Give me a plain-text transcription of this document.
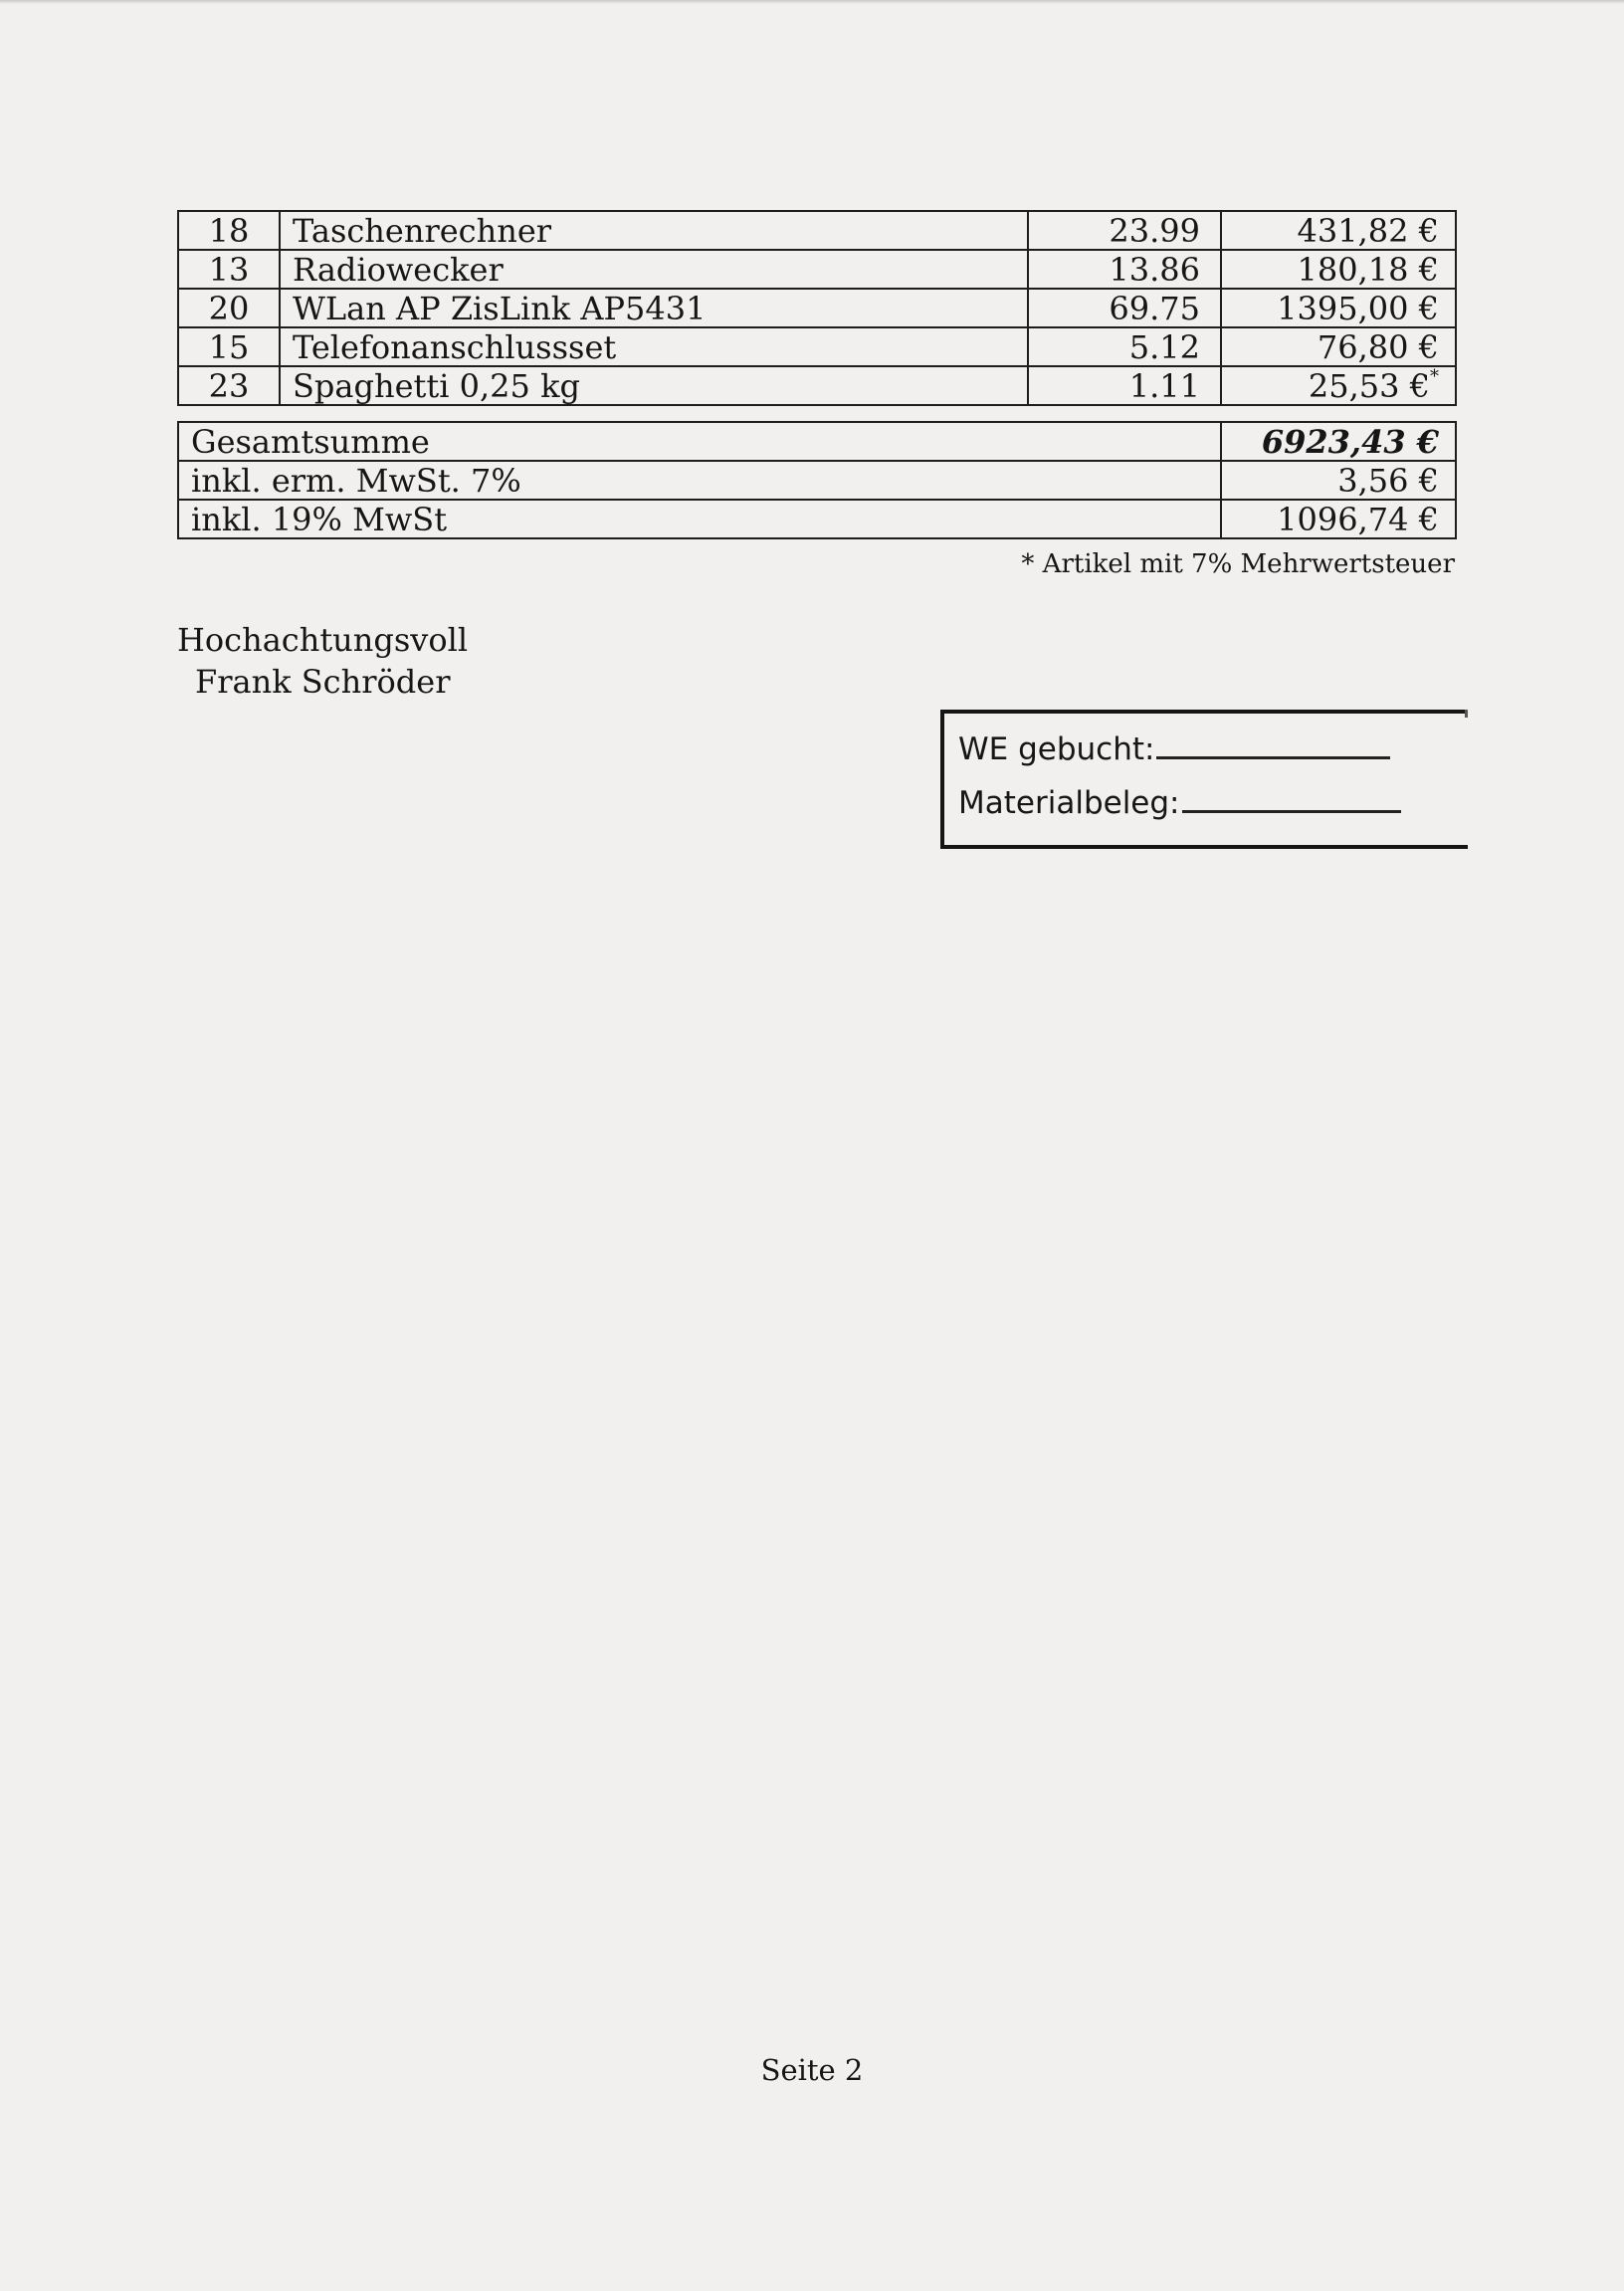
18	Taschenrechner	23.99	431,82 €
13	Radiowecker	13.86	180,18 €
20	WLan AP ZisLink AP5431	69.75	1395,00 €
15	Telefonanschlussset	5.12	76,80 €
23	Spaghetti 0,25 kg	1.11	25,53 €*
Gesamtsumme	6923,43 €
inkl. erm. MwSt. 7%	3,56 €
inkl. 19% MwSt	1096,74 €
* Artikel mit 7% Mehrwertsteuer
Hochachtungsvoll
Frank Schröder
WE gebucht:
Materialbeleg:
Seite 2
